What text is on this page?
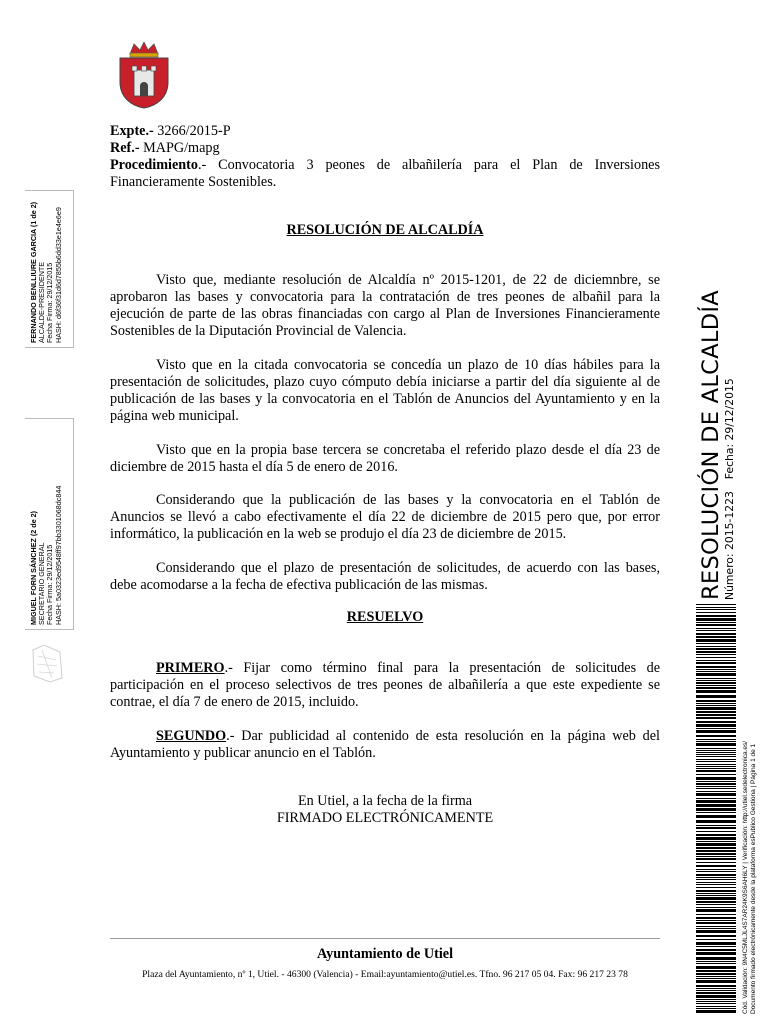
Expte.- 3266/2015-P

Ref.- MAPG/mapg

Procedimiento.- Convocatoria 3 peones de albañilería para el Plan de Inversiones Financieramente Sostenibles.

RESOLUCIÓN DE ALCALDÍA

Visto que, mediante resolución de Alcaldía nº 2015-1201, de 22 de diciemnbre, se aprobaron las bases y convocatoria para la contratación de tres peones de albañil para la ejecución de parte de las obras financiadas con cargo al Plan de Inversiones Financieramente Sostenibles de la Diputación Provincial de Valencia.

Visto que en la citada convocatoria se concedía un plazo de 10 días hábiles para la presentación de solicitudes, plazo cuyo cómputo debía iniciarse a partir del día siguiente al de publicación de las bases y la convocatoria en el Tablón de Anuncios del Ayuntamiento y en la página web municipal.

Visto que en la propia base tercera se concretaba el referido plazo desde el día 23 de diciembre de 2015 hasta el día 5 de enero de 2016.

Considerando que la publicación de las bases y la convocatoria en el Tablón de Anuncios se llevó a cabo efectivamente el día 22 de diciembre de 2015 pero que, por error informático, la publicación en la web se produjo el día 23 de diciembre de 2015.

Considerando que el plazo de presentación de solicitudes, de acuerdo con las bases, debe acomodarse a la fecha de efectiva publicación de las mismas.

RESUELVO

PRIMERO.- Fijar como término final para la presentación de solicitudes de participación en el proceso selectivos de tres peones de albañilería a que este expediente se contrae, el día 7 de enero de 2015, incluido.

SEGUNDO.- Dar publicidad al contenido de esta resolución en la página web del Ayuntamiento y publicar anuncio en el Tablón.

En Utiel, a la fecha de la firma
FIRMADO ELECTRÓNICAMENTE
Ayuntamiento de Utiel
Plaza del Ayuntamiento, nº 1, Utiel. - 46300 (Valencia) - Email:ayuntamiento@utiel.es. Tfno. 96 217 05 04. Fax: 96 217 23 78
FERNANDO BENLLIURE GARCIA (1 de 2) ALCALDE-PRESIDENTE Fecha Firma: 29/12/2015 HASH: d6f36f31d6d7855b6dd33e1e4e6e9
MIGUEL FORN SÁNCHEZ (2 de 2) SECRETARIO GENERAL Fecha Firma: 29/12/2015 HASH: 5a0323ed9548ff97bb3301068dc844	RESOLUCIÓN DE ALCALDÍA Número: 2015-1223Fecha: 29/12/2015
Cód. Validación: 9N4C5MLJL4S7AR24K9S6AH6LY | Verificación: http://utiel.sedelectronica.es/ Documento firmado electrónicamente desde la plataforma esPublico Gestiona | Página 1 de 1
